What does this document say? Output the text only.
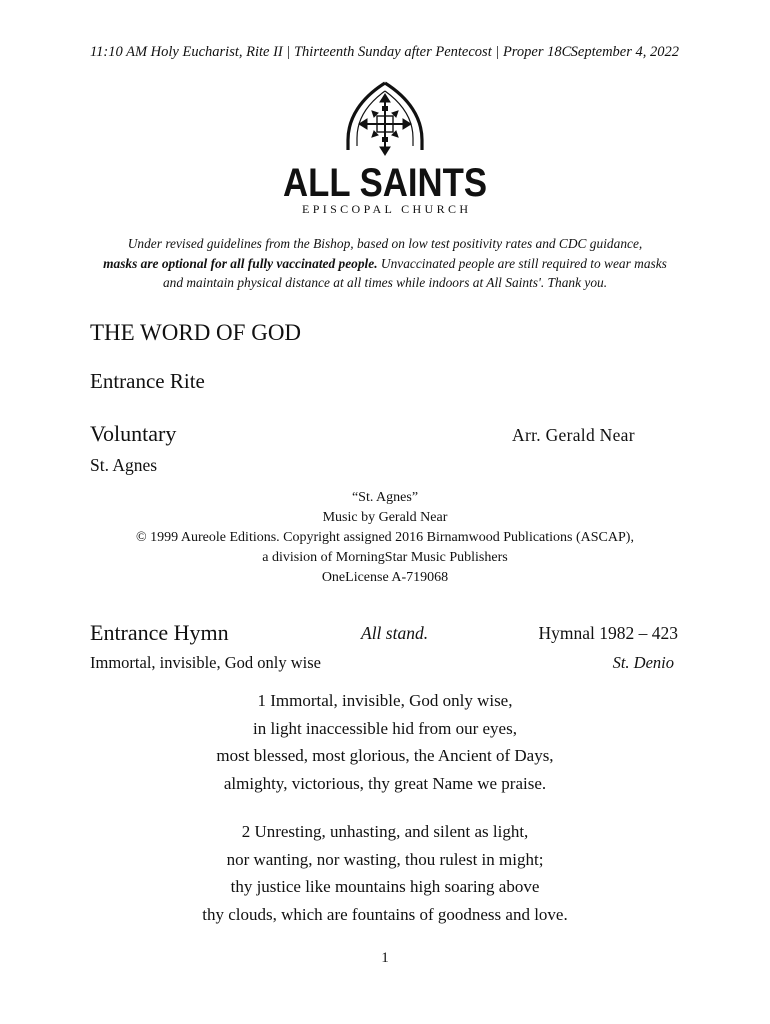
11:10 AM Holy Eucharist, Rite II | Thirteenth Sunday after Pentecost | Proper 18C September 4, 2022
ALL SAINTS
EPISCOPAL CHURCH
Under revised guidelines from the Bishop, based on low test positivity rates and CDC guidance,
masks are optional for all fully vaccinated people. Unvaccinated people are still required to wear masks
and maintain physical distance at all times while indoors at All Saints'. Thank you.
THE WORD OF GOD
Entrance Rite
Voluntary	Arr. Gerald Near
St. Agnes
“St. Agnes”
Music by Gerald Near
© 1999 Aureole Editions. Copyright assigned 2016 Birnamwood Publications (ASCAP),
a division of MorningStar Music Publishers
OneLicense A-719068
Entrance Hymn	All stand.	Hymnal 1982 – 423
Immortal, invisible, God only wise	St. Denio
1 Immortal, invisible, God only wise,
in light inaccessible hid from our eyes,
most blessed, most glorious, the Ancient of Days,
almighty, victorious, thy great Name we praise.
2 Unresting, unhasting, and silent as light,
nor wanting, nor wasting, thou rulest in might;
thy justice like mountains high soaring above
thy clouds, which are fountains of goodness and love.
1
